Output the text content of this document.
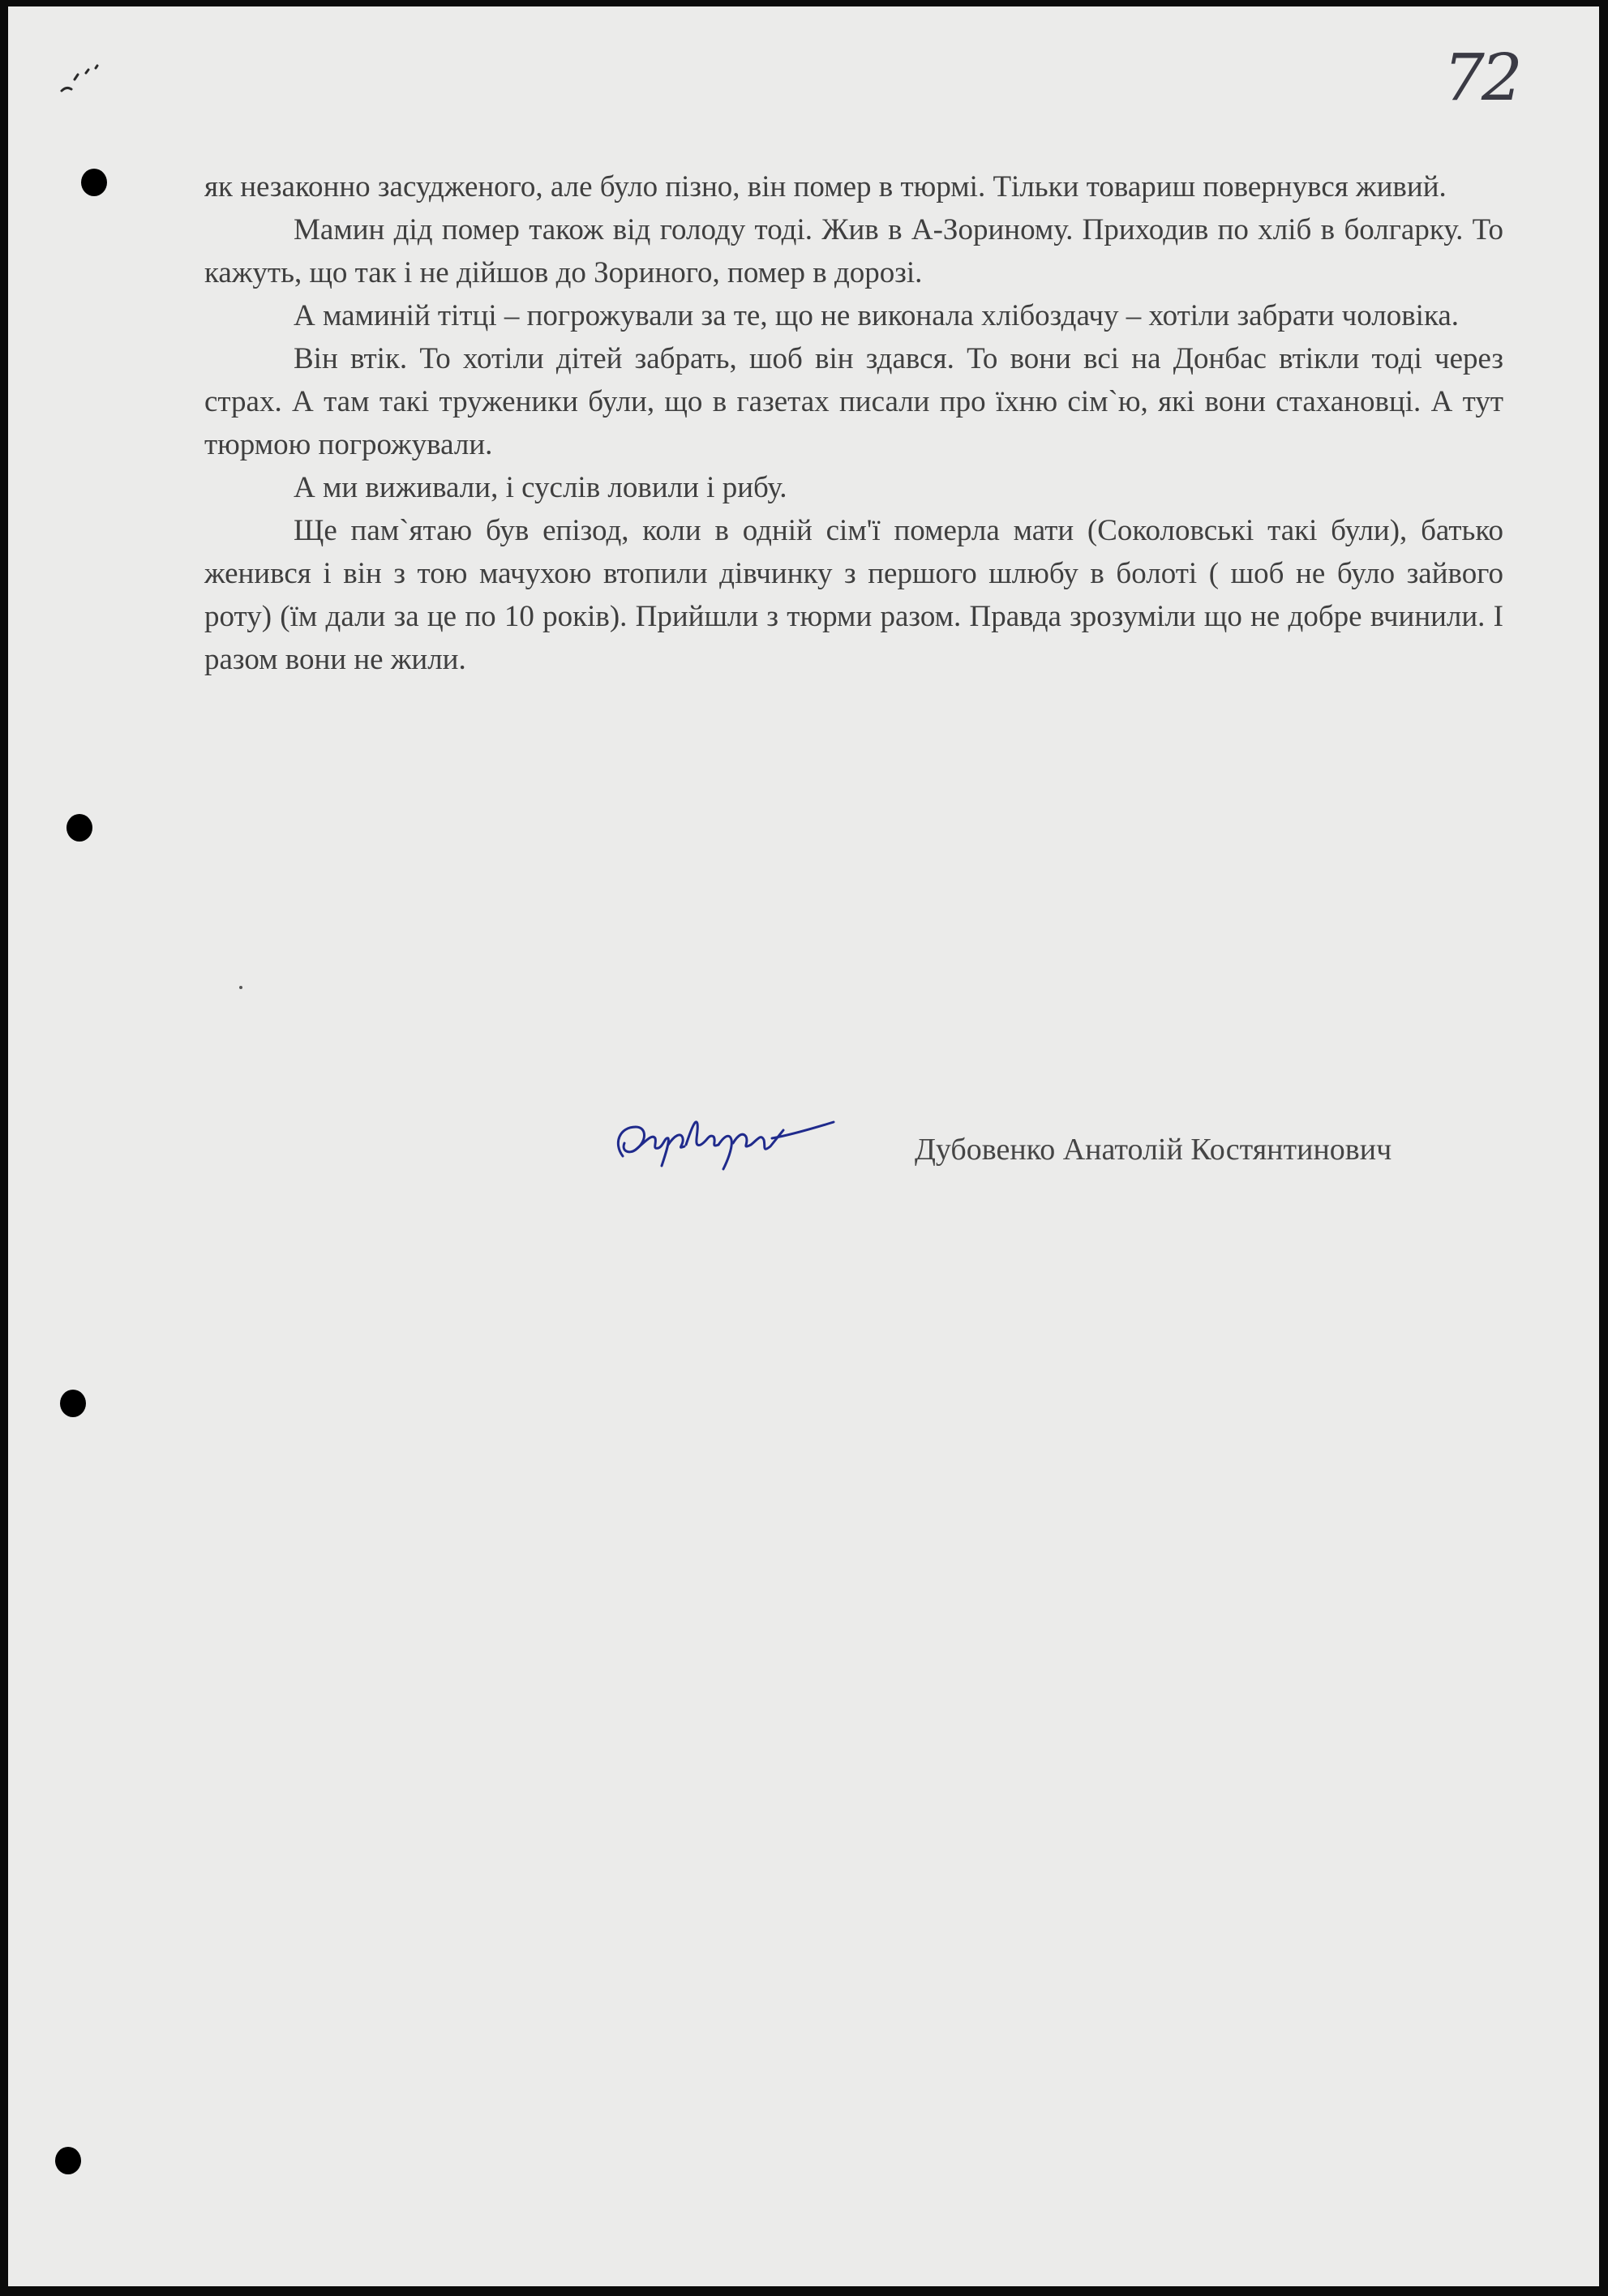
72

як незаконно засудженого, але було пізно, він помер в тюрмі. Тільки товариш повернувся живий.

Мамин дід помер також від голоду тоді. Жив в А-Зориному. Приходив по хліб в болгарку. То кажуть, що так і не дійшов до Зориного, помер в дорозі.

А маминій тітці – погрожували за те, що не виконала хлібоздачу – хотіли забрати чоловіка.

Він втік. То хотіли дітей забрать, шоб він здався. То вони всі на Донбас втікли тоді через страх. А там такі труженики були, що в газетах писали про їхню сім`ю, які вони стахановці. А тут тюрмою погрожували.

А ми виживали, і суслів ловили і рибу.

Ще пам`ятаю був епізод, коли в одній сім'ї померла мати (Соколовські такі були), батько женився і він з тою мачухою втопили дівчинку з першого шлюбу в болоті ( шоб не було зайвого роту) (їм дали за це по 10 років). Прийшли з тюрми разом. Правда зрозуміли що не добре вчинили. І разом вони не жили.

Дубовенко Анатолій Костянтинович
